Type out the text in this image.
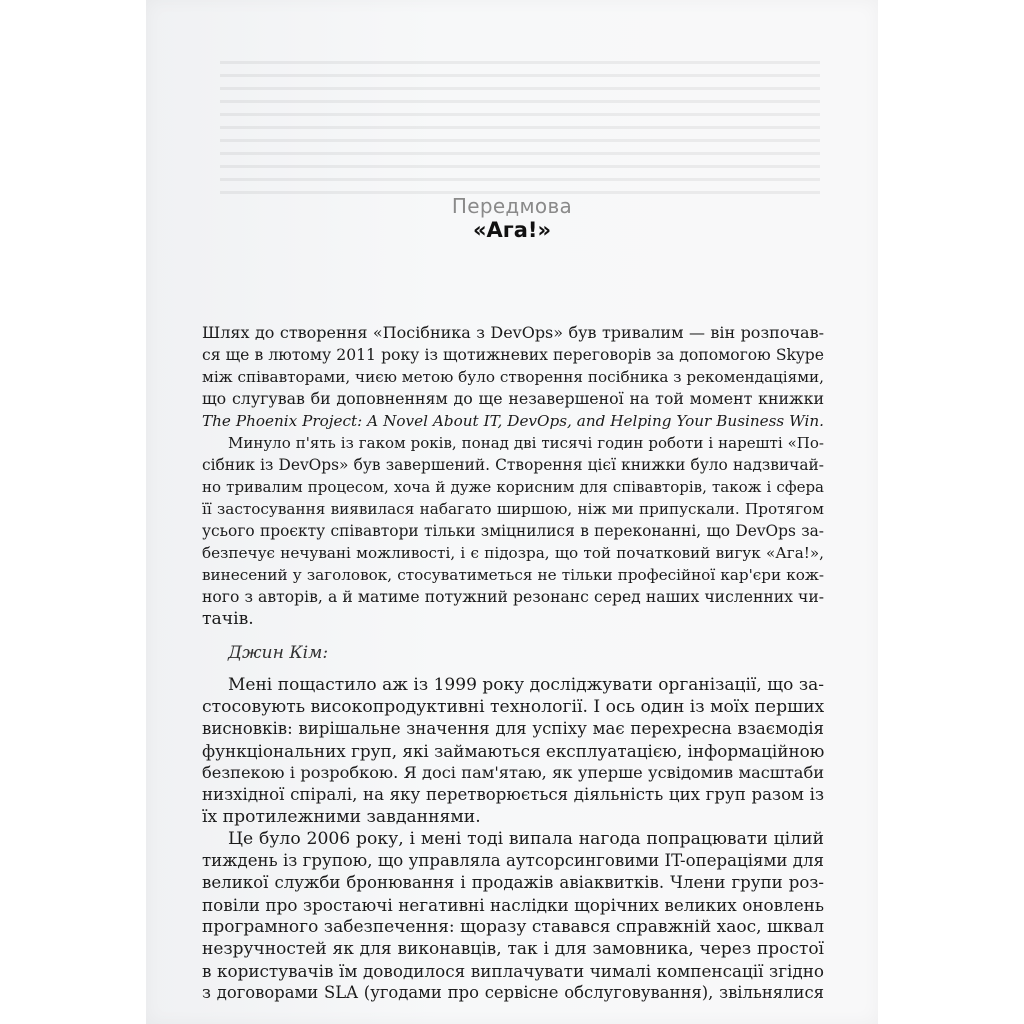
Передмова
«Ага!»

Шлях до створення «Посібника з DevOps» був тривалим — він розпочав-
ся ще в лютому 2011 року із щотижневих переговорів за допомогою Skype
між співавторами, чиєю метою було створення посібника з рекомендаціями,
що слугував би доповненням до ще незавершеної на той момент книжки
The Phoenix Project: A Novel About IT, DevOps, and Helping Your Business Win.

Минуло п'ять із гаком років, понад дві тисячі годин роботи і нарешті «По-
сібник із DevOps» був завершений. Створення цієї книжки було надзвичай-
но тривалим процесом, хоча й дуже корисним для співавторів, також і сфера
її застосування виявилася набагато ширшою, ніж ми припускали. Протягом
усього проєкту співавтори тільки зміцнилися в переконанні, що DevOps за-
безпечує нечувані можливості, і є підозра, що той початковий вигук «Ага!»,
винесений у заголовок, стосуватиметься не тільки професійної кар'єри кож-
ного з авторів, а й матиме потужний резонанс серед наших численних чи-
тачів.

Джин Кім:

Мені пощастило аж із 1999 року досліджувати організації, що за-
стосовують високопродуктивні технології. І ось один із моїх перших
висновків: вирішальне значення для успіху має перехресна взаємодія
функціональних груп, які займаються експлуатацією, інформаційною
безпекою і розробкою. Я досі пам'ятаю, як уперше усвідомив масштаби
низхідної спіралі, на яку перетворюється діяльність цих груп разом із
їх протилежними завданнями.

Це було 2006 року, і мені тоді випала нагода попрацювати цілий
тиждень із групою, що управляла аутсорсинговими IT-операціями для
великої служби бронювання і продажів авіаквитків. Члени групи роз-
повіли про зростаючі негативні наслідки щорічних великих оновлень
програмного забезпечення: щоразу ставався справжній хаос, шквал
незручностей як для виконавців, так і для замовника, через простої
в користувачів їм доводилося виплачувати чималі компенсації згідно
з договорами SLA (угодами про сервісне обслуговування), звільнялися
